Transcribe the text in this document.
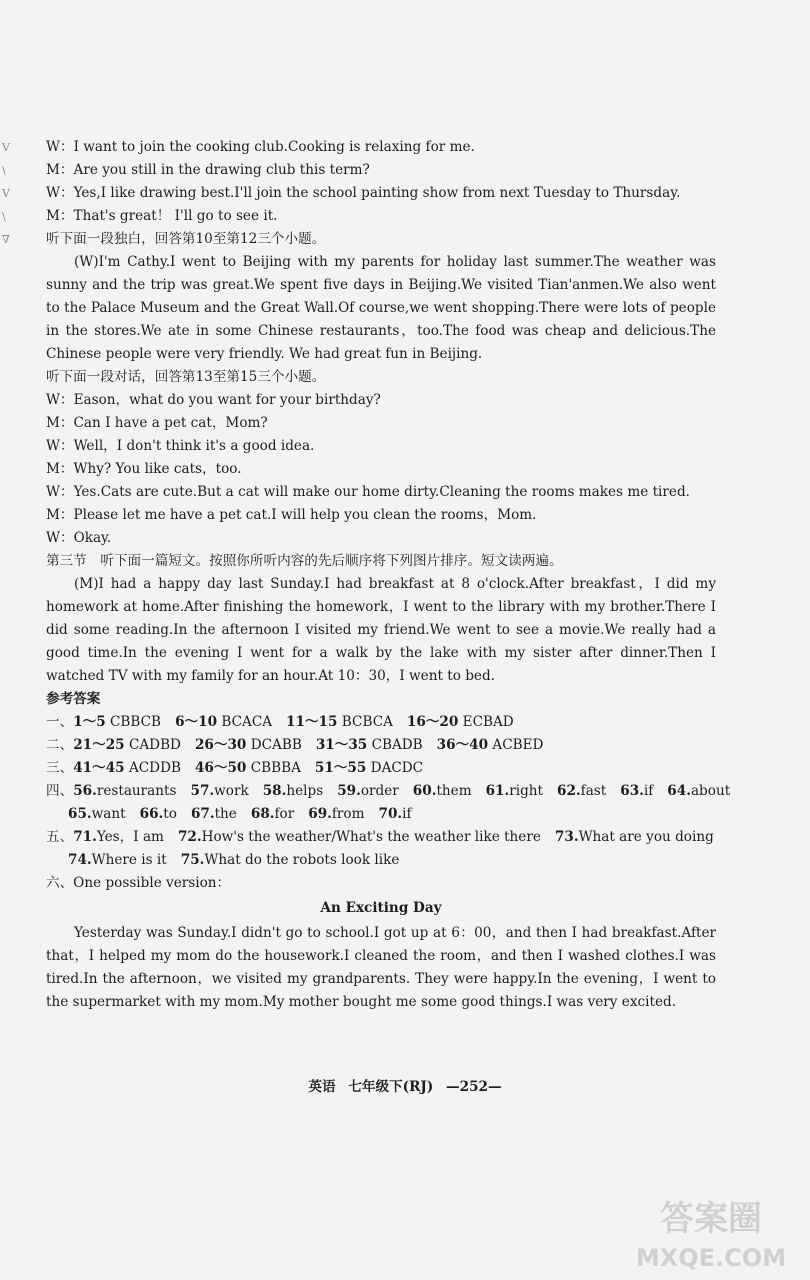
V
\
V
\
∇
W：I want to join the cooking club.Cooking is relaxing for me.
M：Are you still in the drawing club this term?
W：Yes,I like drawing best.I'll join the school painting show from next Tuesday to Thursday.
M：That's great！ I'll go to see it.
听下面一段独白，回答第10至第12三个小题。
(W)I'm Cathy.I went to Beijing with my parents for holiday last summer.The weather was sunny and the trip was great.We spent five days in Beijing.We visited Tian'anmen.We also went to the Palace Museum and the Great Wall.Of course,we went shopping.There were lots of people in the stores.We ate in some Chinese restaurants，too.The food was cheap and delicious.The Chinese people were very friendly. We had great fun in Beijing.
听下面一段对话，回答第13至第15三个小题。
W：Eason，what do you want for your birthday?
M：Can I have a pet cat，Mom?
W：Well，I don't think it's a good idea.
M：Why? You like cats，too.
W：Yes.Cats are cute.But a cat will make our home dirty.Cleaning the rooms makes me tired.
M：Please let me have a pet cat.I will help you clean the rooms，Mom.
W：Okay.
第三节　听下面一篇短文。按照你所听内容的先后顺序将下列图片排序。短文读两遍。
(M)I had a happy day last Sunday.I had breakfast at 8 o'clock.After breakfast，I did my homework at home.After finishing the homework，I went to the library with my brother.There I did some reading.In the afternoon I visited my friend.We went to see a movie.We really had a good time.In the evening I went for a walk by the lake with my sister after dinner.Then I watched TV with my family for an hour.At 10：30，I went to bed.
参考答案
一、1～5 CBBCB 6～10 BCACA 11～15 BCBCA 16～20 ECBAD
二、21～25 CADBD 26～30 DCABB 31～35 CBADB 36～40 ACBED
三、41～45 ACDDB 46～50 CBBBA 51～55 DACDC
四、56.restaurants 57.work 58.helps 59.order 60.them 61.right 62.fast 63.if 64.about
65.want 66.to 67.the 68.for 69.from 70.if
五、71.Yes，I am 72.How's the weather/What's the weather like there 73.What are you doing
74.Where is it 75.What do the robots look like
六、One possible version：
An Exciting Day
Yesterday was Sunday.I didn't go to school.I got up at 6：00，and then I had breakfast.After that，I helped my mom do the housework.I cleaned the room，and then I washed clothes.I was tired.In the afternoon，we visited my grandparents. They were happy.In the evening，I went to the supermarket with my mom.My mother bought me some good things.I was very excited.
英语 七年级下(RJ) —252—
答案圈
MXQE.COM
